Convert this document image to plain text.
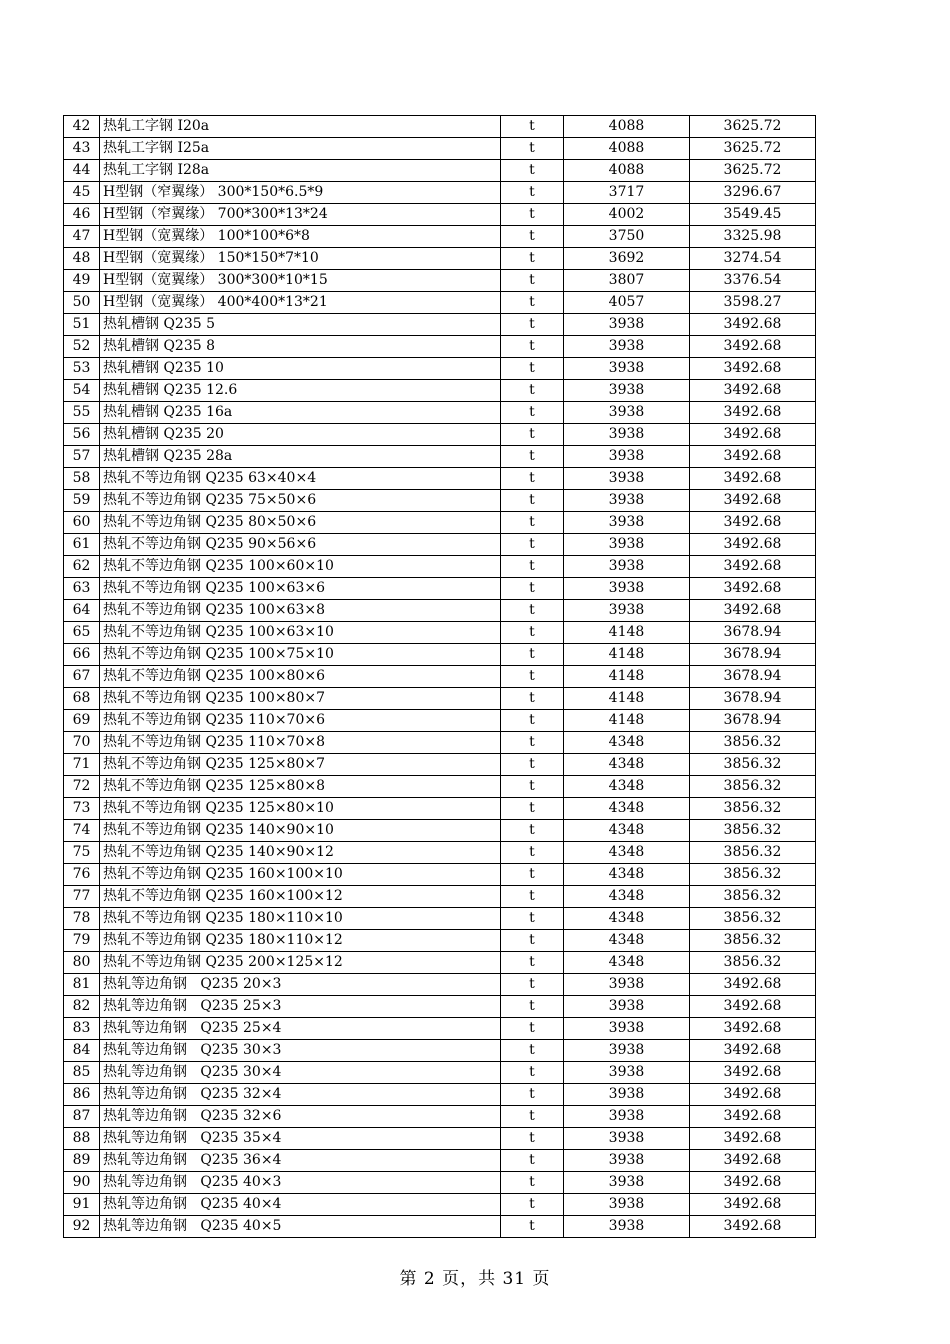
42	热轧工字钢 I20a	t	4088	3625.72
43	热轧工字钢 I25a	t	4088	3625.72
44	热轧工字钢 I28a	t	4088	3625.72
45	H型钢（窄翼缘） 300*150*6.5*9	t	3717	3296.67
46	H型钢（窄翼缘） 700*300*13*24	t	4002	3549.45
47	H型钢（宽翼缘） 100*100*6*8	t	3750	3325.98
48	H型钢（宽翼缘） 150*150*7*10	t	3692	3274.54
49	H型钢（宽翼缘） 300*300*10*15	t	3807	3376.54
50	H型钢（宽翼缘） 400*400*13*21	t	4057	3598.27
51	热轧槽钢 Q235 5	t	3938	3492.68
52	热轧槽钢 Q235 8	t	3938	3492.68
53	热轧槽钢 Q235 10	t	3938	3492.68
54	热轧槽钢 Q235 12.6	t	3938	3492.68
55	热轧槽钢 Q235 16a	t	3938	3492.68
56	热轧槽钢 Q235 20	t	3938	3492.68
57	热轧槽钢 Q235 28a	t	3938	3492.68
58	热轧不等边角钢 Q235 63×40×4	t	3938	3492.68
59	热轧不等边角钢 Q235 75×50×6	t	3938	3492.68
60	热轧不等边角钢 Q235 80×50×6	t	3938	3492.68
61	热轧不等边角钢 Q235 90×56×6	t	3938	3492.68
62	热轧不等边角钢 Q235 100×60×10	t	3938	3492.68
63	热轧不等边角钢 Q235 100×63×6	t	3938	3492.68
64	热轧不等边角钢 Q235 100×63×8	t	3938	3492.68
65	热轧不等边角钢 Q235 100×63×10	t	4148	3678.94
66	热轧不等边角钢 Q235 100×75×10	t	4148	3678.94
67	热轧不等边角钢 Q235 100×80×6	t	4148	3678.94
68	热轧不等边角钢 Q235 100×80×7	t	4148	3678.94
69	热轧不等边角钢 Q235 110×70×6	t	4148	3678.94
70	热轧不等边角钢 Q235 110×70×8	t	4348	3856.32
71	热轧不等边角钢 Q235 125×80×7	t	4348	3856.32
72	热轧不等边角钢 Q235 125×80×8	t	4348	3856.32
73	热轧不等边角钢 Q235 125×80×10	t	4348	3856.32
74	热轧不等边角钢 Q235 140×90×10	t	4348	3856.32
75	热轧不等边角钢 Q235 140×90×12	t	4348	3856.32
76	热轧不等边角钢 Q235 160×100×10	t	4348	3856.32
77	热轧不等边角钢 Q235 160×100×12	t	4348	3856.32
78	热轧不等边角钢 Q235 180×110×10	t	4348	3856.32
79	热轧不等边角钢 Q235 180×110×12	t	4348	3856.32
80	热轧不等边角钢 Q235 200×125×12	t	4348	3856.32
81	热轧等边角钢   Q235 20×3	t	3938	3492.68
82	热轧等边角钢   Q235 25×3	t	3938	3492.68
83	热轧等边角钢   Q235 25×4	t	3938	3492.68
84	热轧等边角钢   Q235 30×3	t	3938	3492.68
85	热轧等边角钢   Q235 30×4	t	3938	3492.68
86	热轧等边角钢   Q235 32×4	t	3938	3492.68
87	热轧等边角钢   Q235 32×6	t	3938	3492.68
88	热轧等边角钢   Q235 35×4	t	3938	3492.68
89	热轧等边角钢   Q235 36×4	t	3938	3492.68
90	热轧等边角钢   Q235 40×3	t	3938	3492.68
91	热轧等边角钢   Q235 40×4	t	3938	3492.68
92	热轧等边角钢   Q235 40×5	t	3938	3492.68
第 2 页，共 31 页
